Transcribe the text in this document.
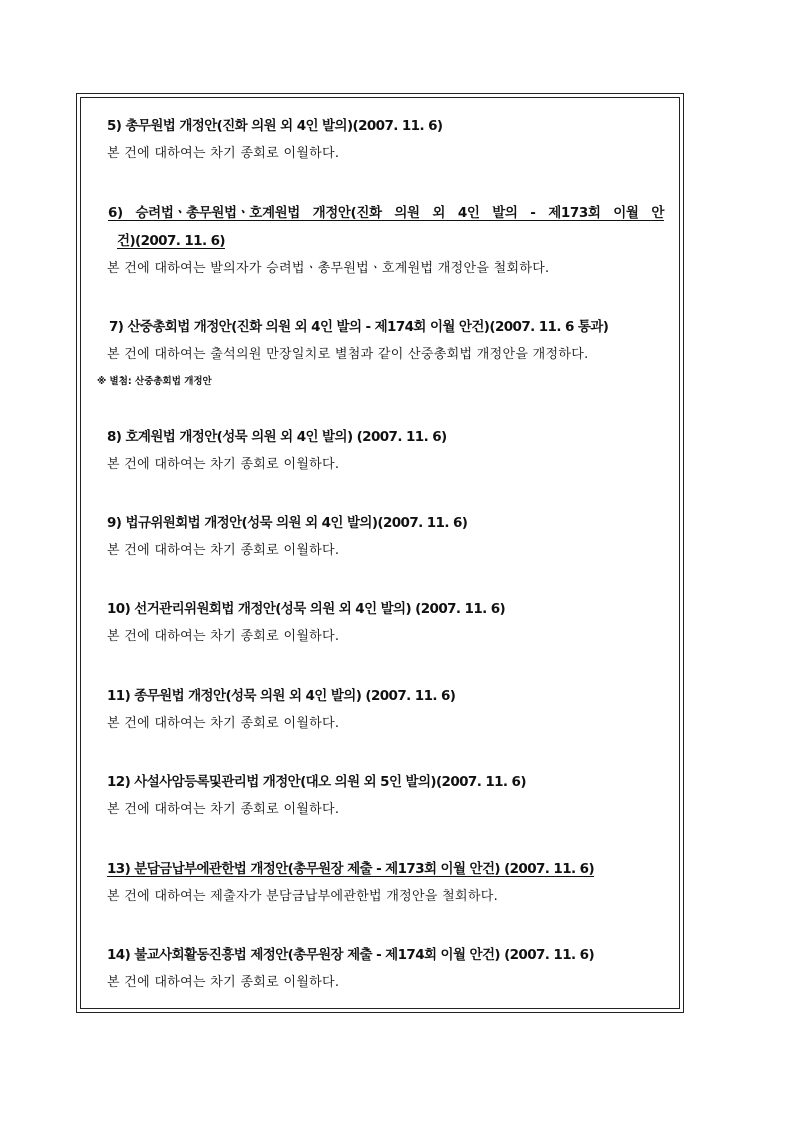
5) 총무원법 개정안(진화 의원 외 4인 발의)(2007. 11. 6)
본 건에 대하여는 차기 종회로 이월하다.
6) 승려법ㆍ총무원법ㆍ호계원법 개정안(진화 의원 외 4인 발의 - 제173회 이월 안
건)(2007. 11. 6)
본 건에 대하여는 발의자가 승려법ㆍ총무원법ㆍ호계원법 개정안을 철회하다.
7) 산중총회법 개정안(진화 의원 외 4인 발의 - 제174회 이월 안건)(2007. 11. 6 통과)
본 건에 대하여는 출석의원 만장일치로 별첨과 같이 산중총회법 개정안을 개정하다.
※ 별첨: 산중총회법 개정안
8) 호계원법 개정안(성묵 의원 외 4인 발의) (2007. 11. 6)
본 건에 대하여는 차기 종회로 이월하다.
9) 법규위원회법 개정안(성묵 의원 외 4인 발의)(2007. 11. 6)
본 건에 대하여는 차기 종회로 이월하다.
10) 선거관리위원회법 개정안(성묵 의원 외 4인 발의) (2007. 11. 6)
본 건에 대하여는 차기 종회로 이월하다.
11) 종무원법 개정안(성묵 의원 외 4인 발의) (2007. 11. 6)
본 건에 대하여는 차기 종회로 이월하다.
12) 사설사암등록및관리법 개정안(대오 의원 외 5인 발의)(2007. 11. 6)
본 건에 대하여는 차기 종회로 이월하다.
13) 분담금납부에관한법 개정안(총무원장 제출 - 제173회 이월 안건) (2007. 11. 6)
본 건에 대하여는 제출자가 분담금납부에관한법 개정안을 철회하다.
14) 불교사회활동진흥법 제정안(총무원장 제출 - 제174회 이월 안건) (2007. 11. 6)
본 건에 대하여는 차기 종회로 이월하다.
